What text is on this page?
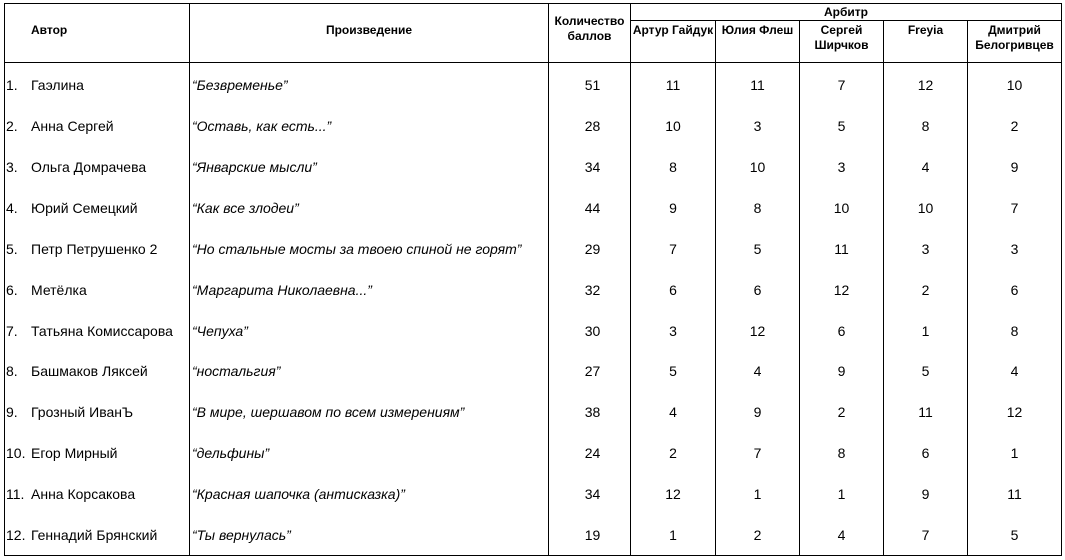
Автор	Произведение	Количество баллов	Арбитр				
			Артур Гайдук	Юлия Флеш	Сергей Ширчков	Freyia	Дмитрий Белогривцев
1. Гаэлина	“Безвременье”	51	11	11	7	12	10
2. Анна Сергей	“Оставь, как есть...”	28	10	3	5	8	2
3. Ольга Домрачева	“Январские мысли”	34	8	10	3	4	9
4. Юрий Семецкий	“Как все злодеи”	44	9	8	10	10	7
5. Петр Петрушенко 2	“Но стальные мосты за твоею спиной не горят”	29	7	5	11	3	3
6. Метёлка	“Маргарита Николаевна...”	32	6	6	12	2	6
7. Татьяна Комиссарова	“Чепуха”	30	3	12	6	1	8
8. Башмаков Ляксей	“ностальгия”	27	5	4	9	5	4
9. Грозный ИванЪ	“В мире, шершавом по всем измерениям”	38	4	9	2	11	12
10. Егор Мирный	“дельфины”	24	2	7	8	6	1
11. Анна Корсакова	“Красная шапочка (антисказка)”	34	12	1	1	9	11
12. Геннадий Брянский	“Ты вернулась”	19	1	2	4	7	5
